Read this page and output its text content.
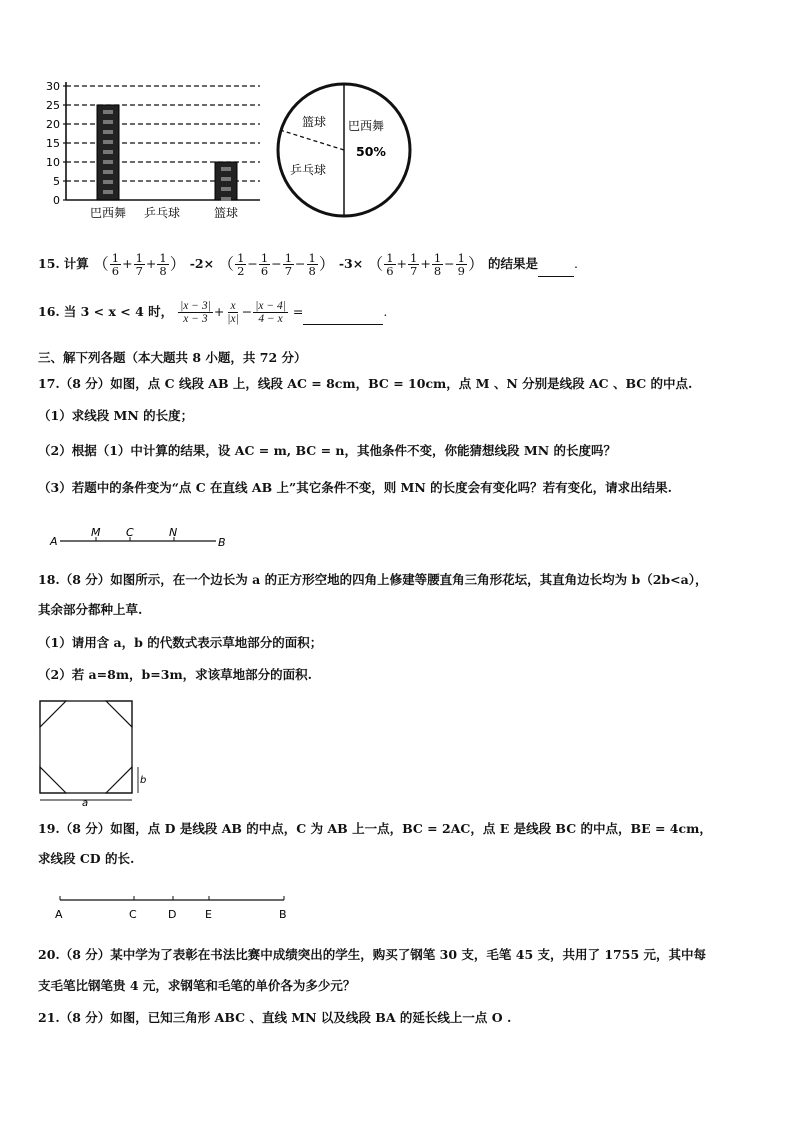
30
25
20
15
10
5
0
巴西舞 乒乓球	篮球
篮球 巴西舞
50%
乒乓球
15. 计算 （ $\frac{1}{6} + \frac{1}{7} + \frac{1}{8}$ ） -2× （ $\frac{1}{2} - \frac{1}{6} - \frac{1}{7} - \frac{1}{8}$ ） -3× （ $\frac{1}{6} + \frac{1}{7} + \frac{1}{8} - \frac{1}{9}$ ） 的结果是	.
16. 当 3 < x < 4 时， $\frac{|x - 3|}{x - 3} + \frac{x}{|x|} - \frac{|x - 4|}{4 - x}$ =	.
三、解下列各题（本大题共 8 小题，共 72 分）
17.（8 分）如图，点 C 线段 AB 上，线段 AC = 8cm，BC = 10cm，点 M 、N 分别是线段 AC 、BC 的中点.
（1）求线段 MN 的长度；
（2）根据（1）中计算的结果，设 AC = m, BC = n，其他条件不变，你能猜想线段 MN 的长度吗？
（3）若题中的条件变为“点 C 在直线 AB 上”其它条件不变，则 MN 的长度会有变化吗？若有变化，请求出结果.
A
M C	N
B
18.（8 分）如图所示，在一个边长为 a 的正方形空地的四角上修建等腰直角三角形花坛，其直角边长均为 b（2b<a），
其余部分都种上草.
（1）请用含 a，b 的代数式表示草地部分的面积；
（2）若 a=8m，b=3m，求该草地部分的面积.
a
b
19.（8 分）如图，点 D 是线段 AB 的中点，C 为 AB 上一点，BC = 2AC，点 E 是线段 BC 的中点，BE = 4cm，
求线段 CD 的长.
A	C	D	E	B
20.（8 分）某中学为了表彰在书法比赛中成绩突出的学生，购买了钢笔 30 支，毛笔 45 支，共用了 1755 元，其中每
支毛笔比钢笔贵 4 元，求钢笔和毛笔的单价各为多少元？
21.（8 分）如图，已知三角形 ABC 、直线 MN 以及线段 BA 的延长线上一点 O .
